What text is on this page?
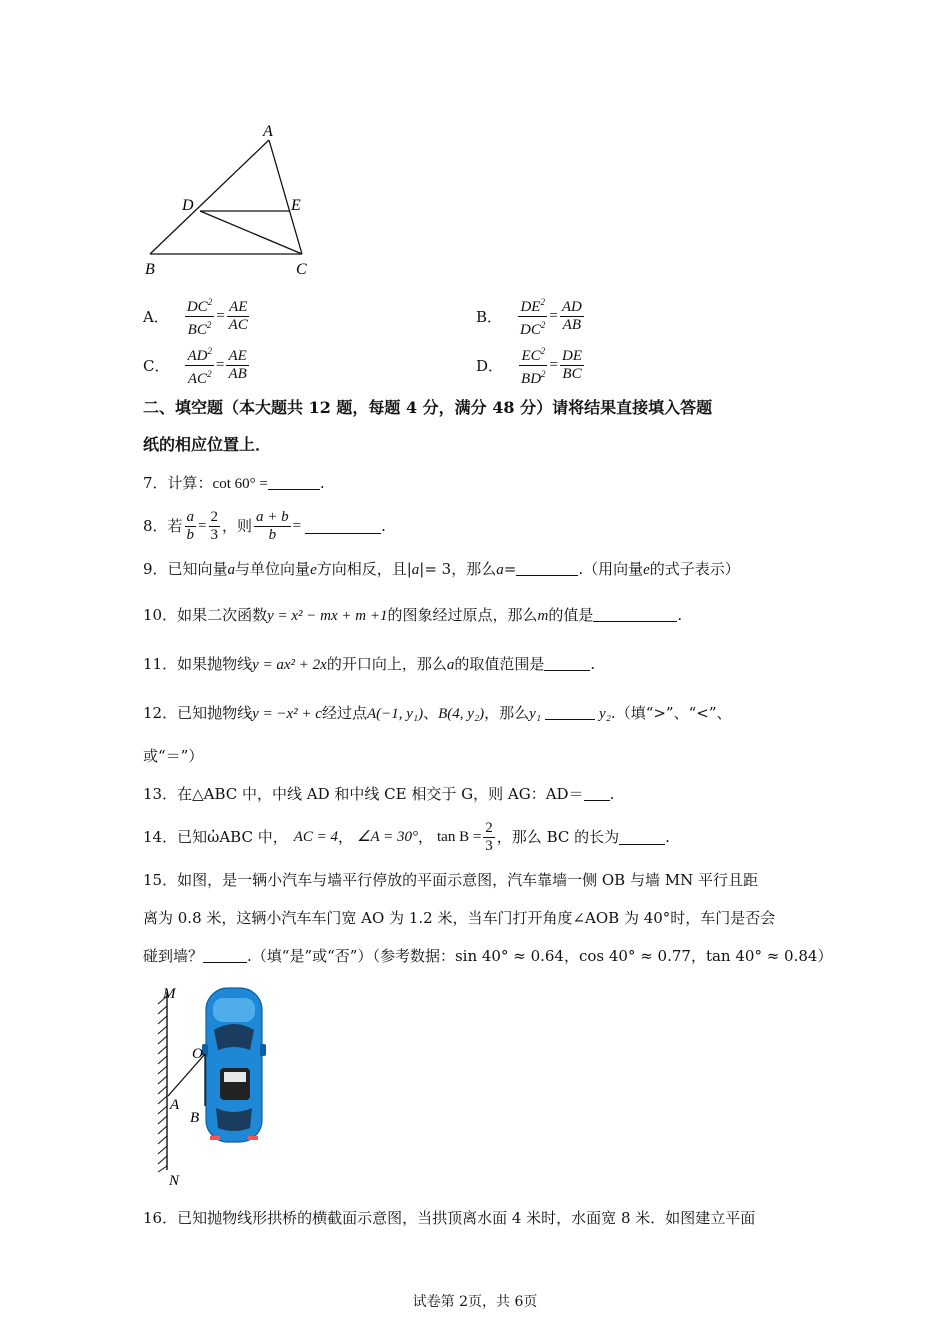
A
D	E
B	C
A． $\frac{DC^2}{BC^2} = \frac{AE}{AC}$	B． $\frac{DE^2}{DC^2} = \frac{AD}{AB}$
C． $\frac{AD^2}{AC^2} = \frac{AE}{AB}$	D． $\frac{EC^2}{BD^2} = \frac{DE}{BC}$
二、填空题（本大题共 12 题，每题 4 分，满分 48 分）请将结果直接填入答题
纸的相应位置上．
7．计算：cot 60° =	.
8．若 $\frac{a}{b} = \frac{2}{3}$ ，则 $\frac{a + b}{b}$ =	.
9．已知向量a与单位向量e方向相反，且|a|= 3，那么a=	.（用向量e的式子表示）
10．如果二次函数y = x² − mx + m +1的图象经过原点，那么m的值是	.
11．如果抛物线y = ax² + 2x的开口向上，那么a的取值范围是	.
12．已知抛物线y = −x² + c经过点A(−1, y₁)、B(4, y₂)，那么y₁	y₂.（填“>”、“<”、
或“＝”）
13．在△ABC 中，中线 AD 和中线 CE 相交于 G，则 AG：AD＝ .
14．已知ὠABC 中， AC = 4 ， ∠A = 30° ， $\tan B = \frac{2}{3}$ ，那么 BC 的长为	.
15．如图，是一辆小汽车与墙平行停放的平面示意图，汽车靠墙一侧 OB 与墙 MN 平行且距
离为 0.8 米，这辆小汽车车门宽 AO 为 1.2 米，当车门打开角度∠AOB 为 40°时，车门是否会
碰到墙？	.（填“是”或“否”）（参考数据：sin 40° ≈ 0.64，cos 40° ≈ 0.77，tan 40° ≈ 0.84）
M
N
O
A
B
16．已知抛物线形拱桥的横截面示意图，当拱顶离水面 4 米时，水面宽 8 米．如图建立平面
试卷第 2页，共 6页
